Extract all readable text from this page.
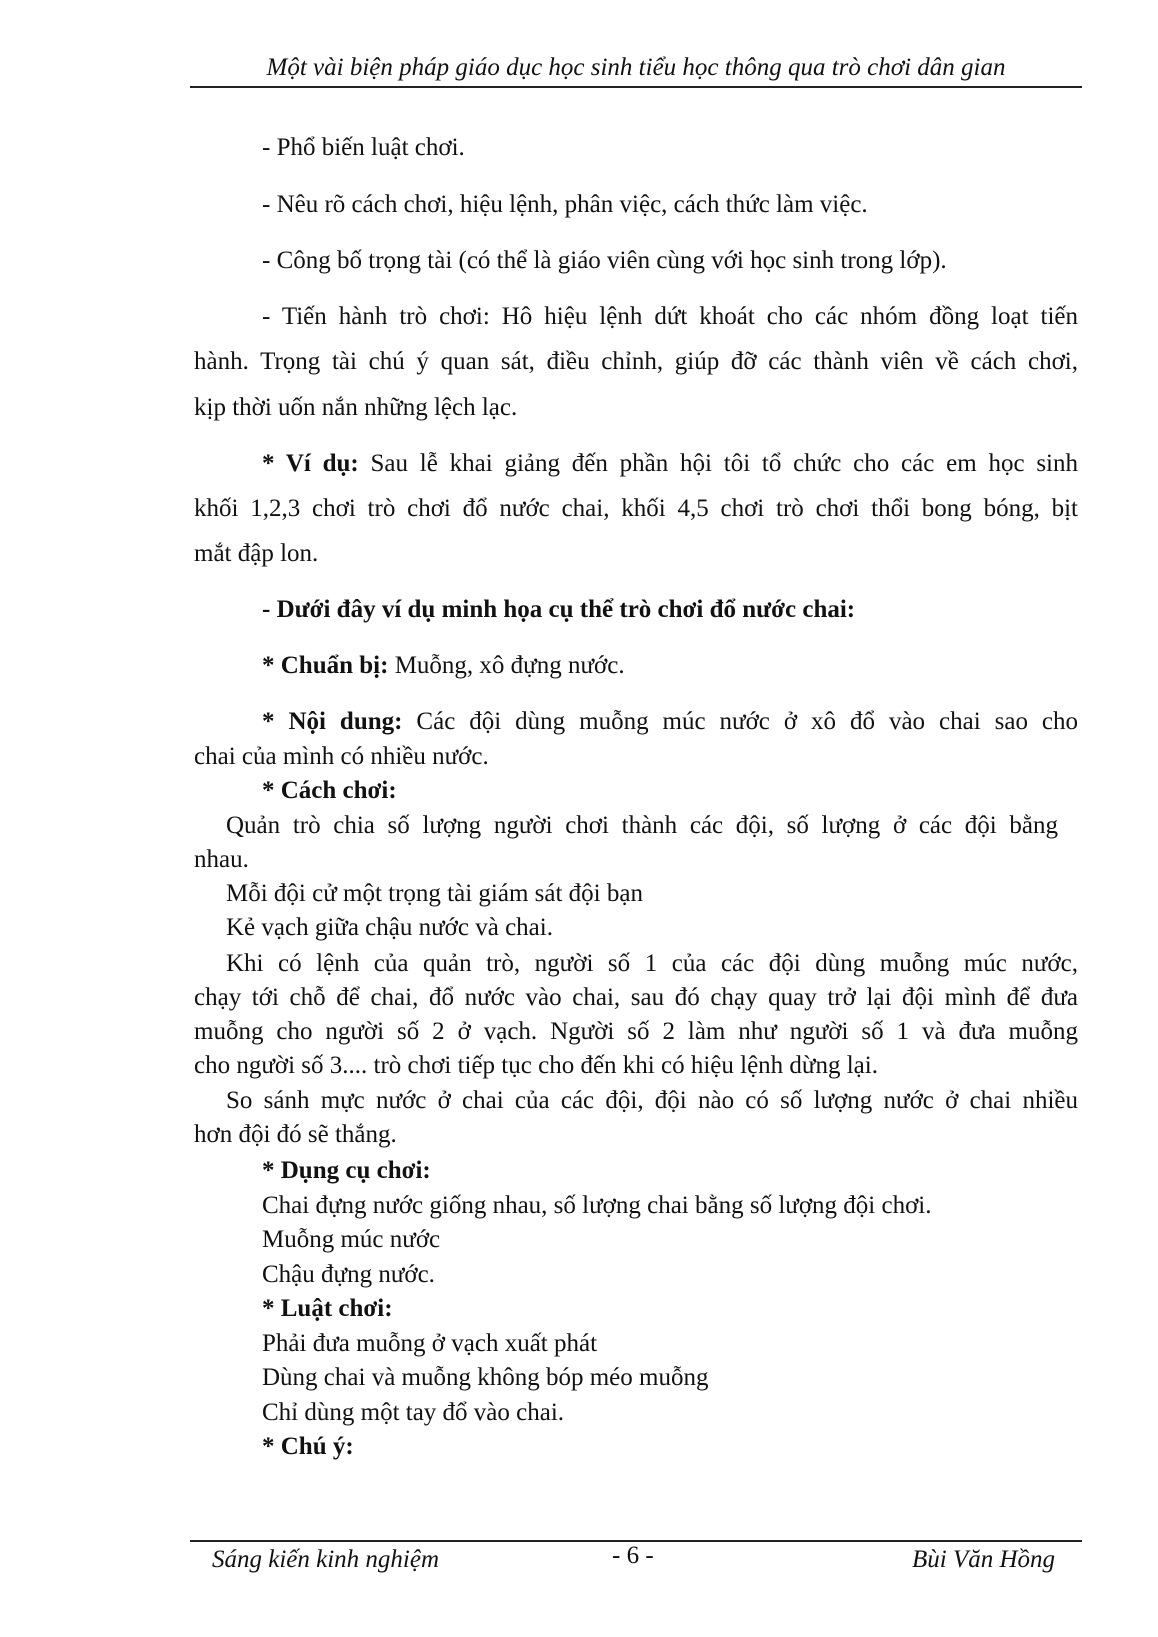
Một vài biện pháp giáo dục học sinh tiểu học thông qua trò chơi dân gian
- Phổ biến luật chơi.
- Nêu rõ cách chơi, hiệu lệnh, phân việc, cách thức làm việc.
- Công bố trọng tài (có thể là giáo viên cùng với học sinh trong lớp).
- Tiến hành trò chơi: Hô hiệu lệnh dứt khoát cho các nhóm đồng loạt tiến
hành. Trọng tài chú ý quan sát, điều chỉnh, giúp đỡ các thành viên về cách chơi,
kịp thời uốn nắn những lệch lạc.
* Ví dụ: Sau lễ khai giảng đến phần hội tôi tổ chức cho các em học sinh
khối 1,2,3 chơi trò chơi đổ nước chai, khối 4,5 chơi trò chơi thổi bong bóng, bịt
mắt đập lon.
- Dưới đây ví dụ minh họa cụ thể trò chơi đổ nước chai:
* Chuẩn bị: Muỗng, xô đựng nước.
* Nội dung: Các đội dùng muỗng múc nước ở xô đổ vào chai sao cho
chai của mình có nhiều nước.
* Cách chơi:
Quản trò chia số lượng người chơi thành các đội, số lượng ở các đội bằng
nhau.
Mỗi đội cử một trọng tài giám sát đội bạn
Kẻ vạch giữa chậu nước và chai.
Khi có lệnh của quản trò, người số 1 của các đội dùng muỗng múc nước,
chạy tới chỗ để chai, đổ nước vào chai, sau đó chạy quay trở lại đội mình để đưa
muỗng cho người số 2 ở vạch. Người số 2 làm như người số 1 và đưa muỗng
cho người số 3.... trò chơi tiếp tục cho đến khi có hiệu lệnh dừng lại.
So sánh mực nước ở chai của các đội, đội nào có số lượng nước ở chai nhiều
hơn đội đó sẽ thắng.
* Dụng cụ chơi:
Chai đựng nước giống nhau, số lượng chai bằng số lượng đội chơi.
Muỗng múc nước
Chậu đựng nước.
* Luật chơi:
Phải đưa muỗng ở vạch xuất phát
Dùng chai và muỗng không bóp méo muỗng
Chỉ dùng một tay đổ vào chai.
* Chú ý:
Sáng kiến kinh nghiệm	- 6 -	Bùi Văn Hồng
